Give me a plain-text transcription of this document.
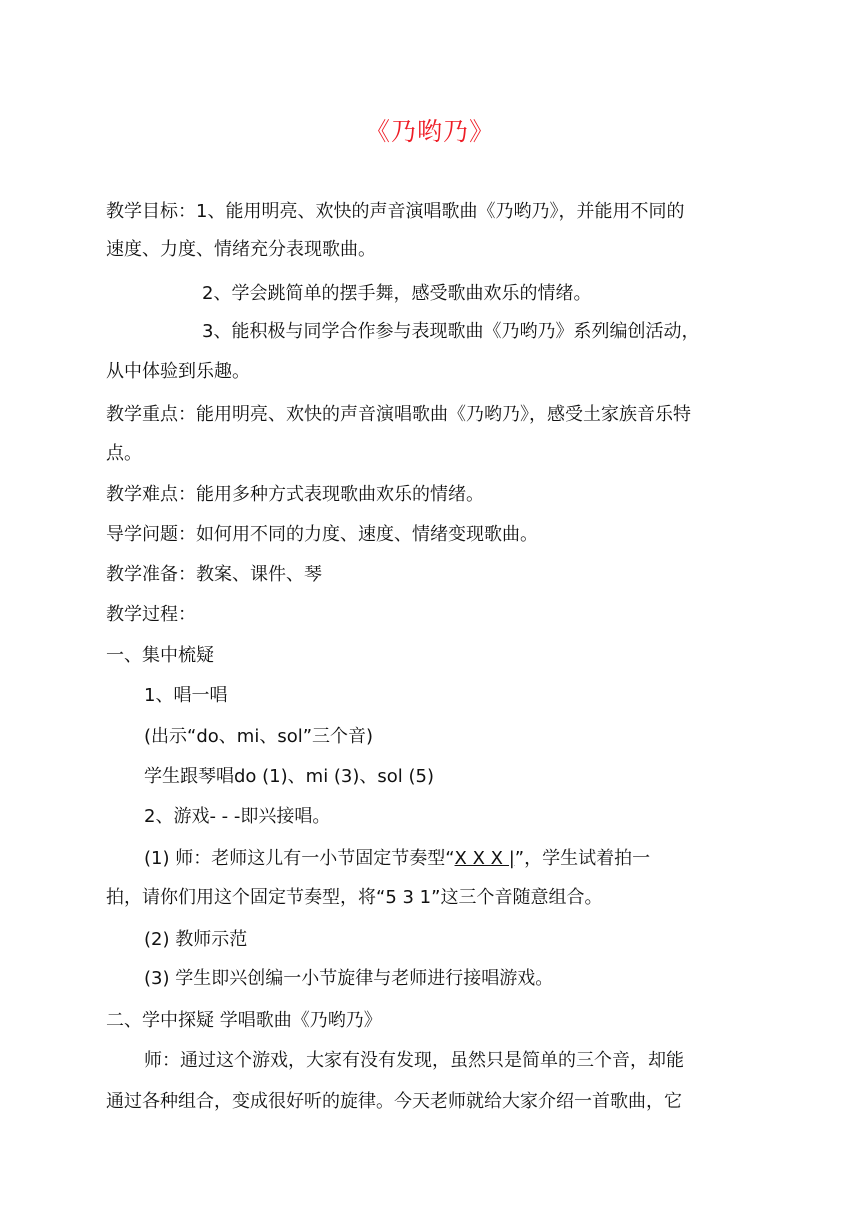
《乃哟乃》
教学目标：1、能用明亮、欢快的声音演唱歌曲《乃哟乃》，并能用不同的
速度、力度、情绪充分表现歌曲。
2、学会跳简单的摆手舞，感受歌曲欢乐的情绪。
3、能积极与同学合作参与表现歌曲《乃哟乃》系列编创活动，
从中体验到乐趣。
教学重点：能用明亮、欢快的声音演唱歌曲《乃哟乃》，感受土家族音乐特
点。
教学难点：能用多种方式表现歌曲欢乐的情绪。
导学问题：如何用不同的力度、速度、情绪变现歌曲。
教学准备：教案、课件、琴
教学过程：
一、集中梳疑
1、唱一唱
(出示“do、mi、sol”三个音)
学生跟琴唱do (1)、mi (3)、sol (5)
2、游戏- - -即兴接唱。
(1) 师：老师这儿有一小节固定节奏型“X X X |”，学生试着拍一
拍，请你们用这个固定节奏型，将“5 3 1”这三个音随意组合。
(2) 教师示范
(3) 学生即兴创编一小节旋律与老师进行接唱游戏。
二、学中探疑 学唱歌曲《乃哟乃》
师：通过这个游戏，大家有没有发现，虽然只是简单的三个音，却能
通过各种组合，变成很好听的旋律。今天老师就给大家介绍一首歌曲，它
